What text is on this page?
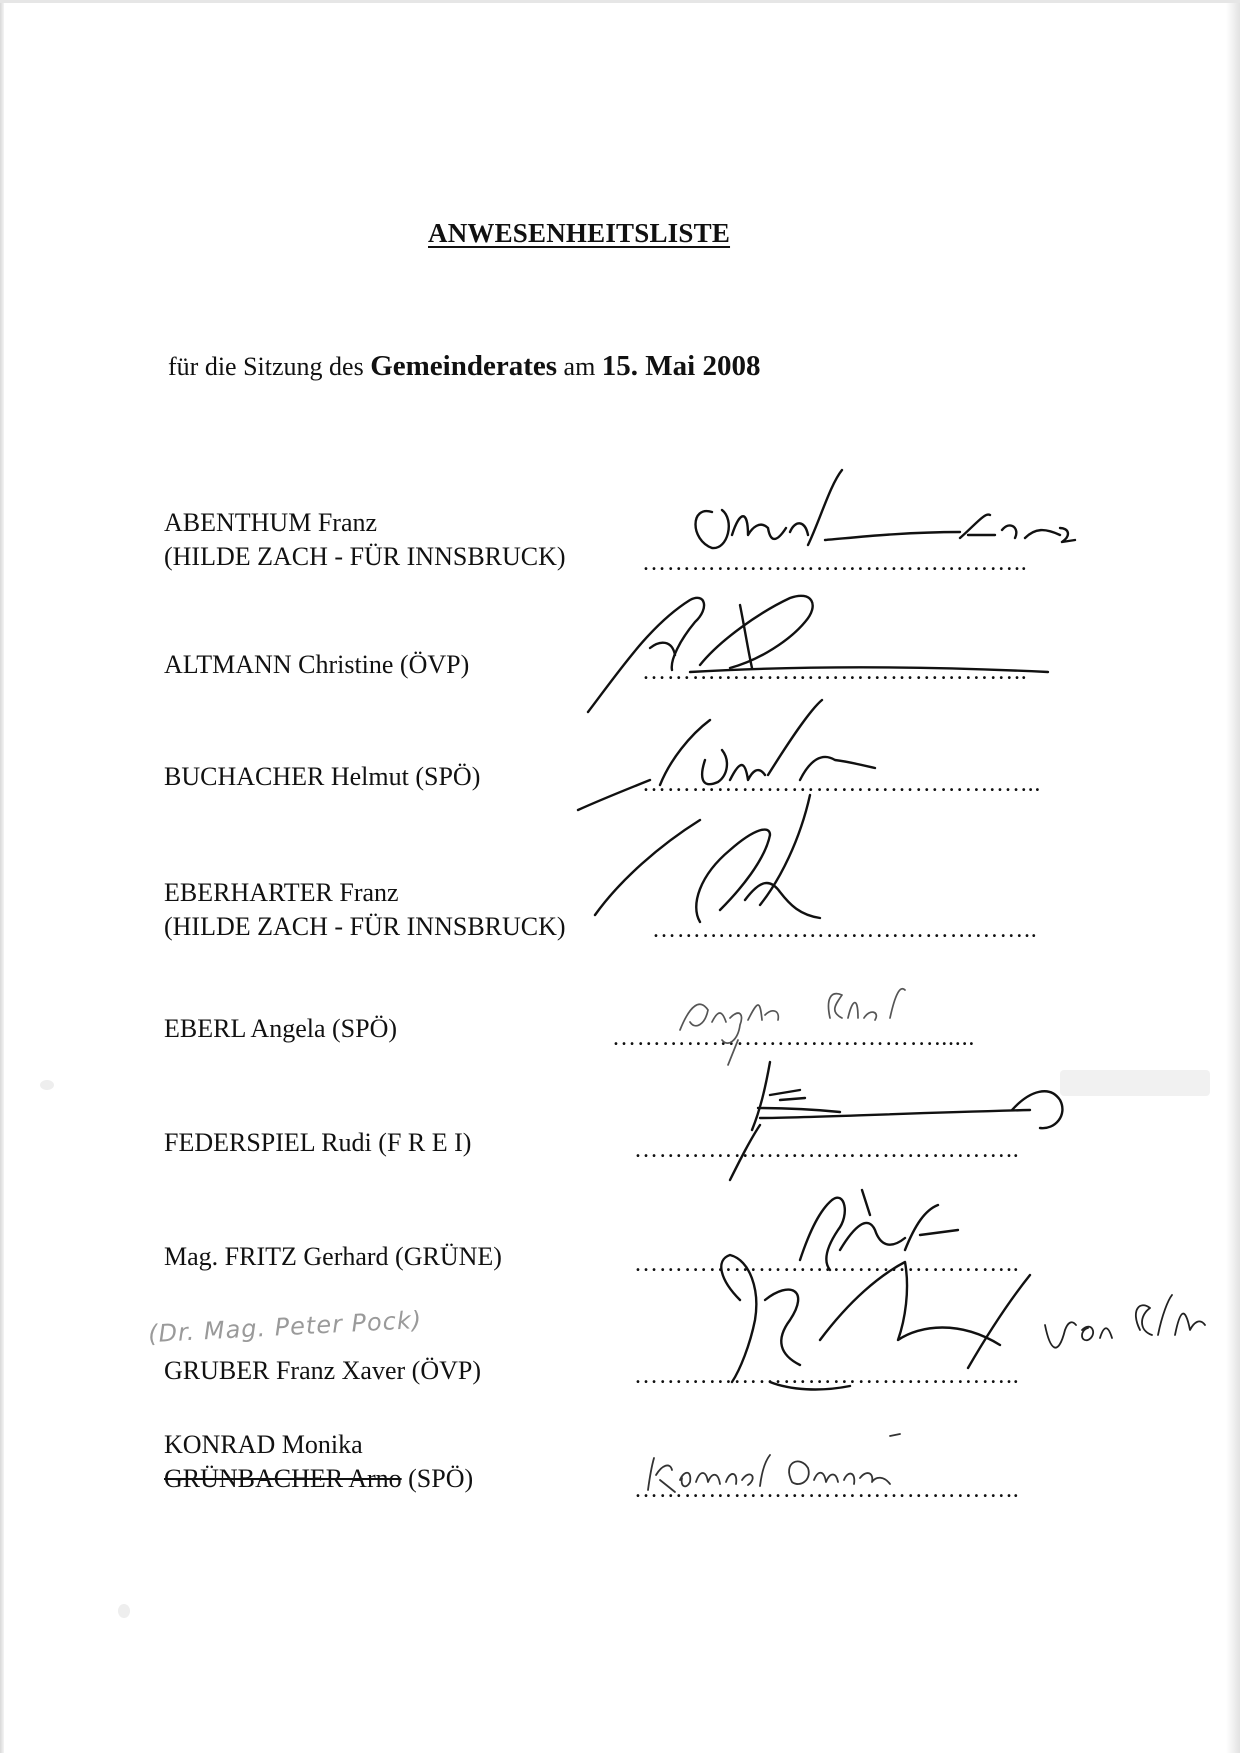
ANWESENHEITSLISTE
für die Sitzung des Gemeinderates am 15. Mai 2008
ABENTHUM Franz
(HILDE ZACH - FÜR INNSBRUCK)	………………………………………..
ALTMANN Christine (ÖVP)	………………………………………..
BUCHACHER Helmut (SPÖ)	…………………………………….…...
EBERHARTER Franz
(HILDE ZACH - FÜR INNSBRUCK)	………………………………………..
EBERL Angela (SPÖ)	…………………………………......
FEDERSPIEL Rudi (F R E I)	………………………………………..
Mag. FRITZ Gerhard (GRÜNE)	………………………………………..
(Dr. Mag. Peter Pock)
GRUBER Franz Xaver (ÖVP)	………………………………………..
KONRAD Monika
GRÜNBACHER Arno (SPÖ)	………………………………………..
